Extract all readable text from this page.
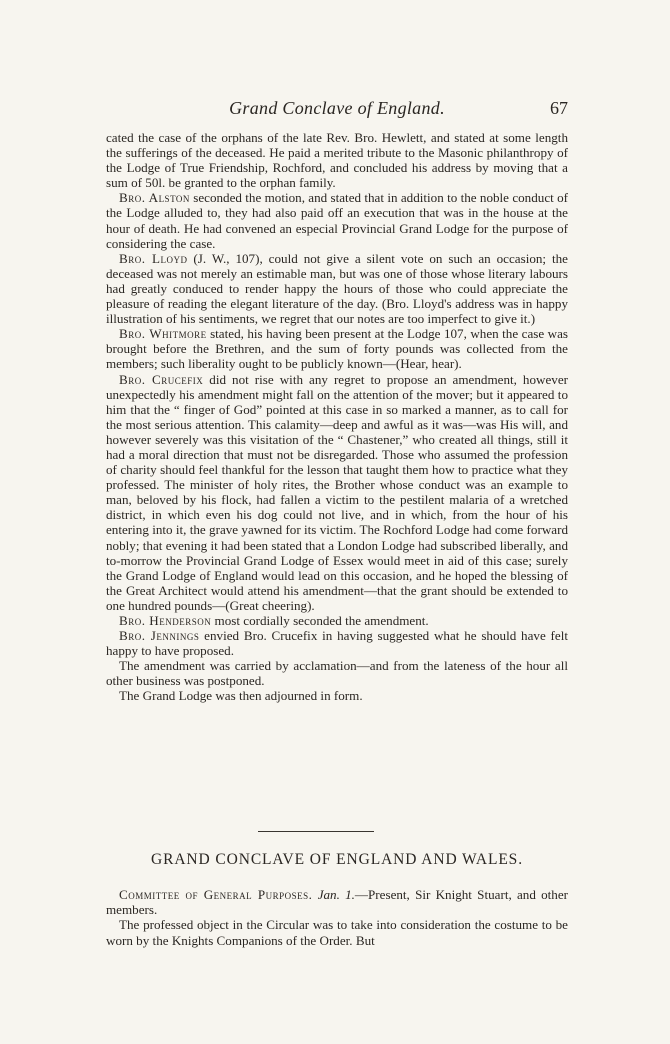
Grand Conclave of England.	67

cated the case of the orphans of the late Rev. Bro. Hewlett, and stated at some length the sufferings of the deceased. He paid a merited tribute to the Masonic philanthropy of the Lodge of True Friendship, Rochford, and concluded his address by moving that a sum of 50l. be granted to the orphan family.

Bro. Alston seconded the motion, and stated that in addition to the noble conduct of the Lodge alluded to, they had also paid off an execution that was in the house at the hour of death. He had convened an especial Provincial Grand Lodge for the purpose of considering the case.

Bro. Lloyd (J. W., 107), could not give a silent vote on such an occasion; the deceased was not merely an estimable man, but was one of those whose literary labours had greatly conduced to render happy the hours of those who could appreciate the pleasure of reading the elegant literature of the day. (Bro. Lloyd's address was in happy illustration of his sentiments, we regret that our notes are too imperfect to give it.)

Bro. Whitmore stated, his having been present at the Lodge 107, when the case was brought before the Brethren, and the sum of forty pounds was collected from the members; such liberality ought to be publicly known—(Hear, hear).

Bro. Crucefix did not rise with any regret to propose an amendment, however unexpectedly his amendment might fall on the attention of the mover; but it appeared to him that the “ finger of God” pointed at this case in so marked a manner, as to call for the most serious attention. This calamity—deep and awful as it was—was His will, and however severely was this visitation of the “ Chastener,” who created all things, still it had a moral direction that must not be disregarded. Those who assumed the profession of charity should feel thankful for the lesson that taught them how to practice what they professed. The minister of holy rites, the Brother whose conduct was an example to man, beloved by his flock, had fallen a victim to the pestilent malaria of a wretched district, in which even his dog could not live, and in which, from the hour of his entering into it, the grave yawned for its victim. The Rochford Lodge had come forward nobly; that evening it had been stated that a London Lodge had subscribed liberally, and to-morrow the Provincial Grand Lodge of Essex would meet in aid of this case; surely the Grand Lodge of England would lead on this occasion, and he hoped the blessing of the Great Architect would attend his amendment—that the grant should be extended to one hundred pounds—(Great cheering).

Bro. Henderson most cordially seconded the amendment.

Bro. Jennings envied Bro. Crucefix in having suggested what he should have felt happy to have proposed.

The amendment was carried by acclamation—and from the lateness of the hour all other business was postponed.

The Grand Lodge was then adjourned in form.

GRAND CONCLAVE OF ENGLAND AND WALES.

Committee of General Purposes. Jan. 1.—Present, Sir Knight Stuart, and other members.

The professed object in the Circular was to take into consideration the costume to be worn by the Knights Companions of the Order. But
